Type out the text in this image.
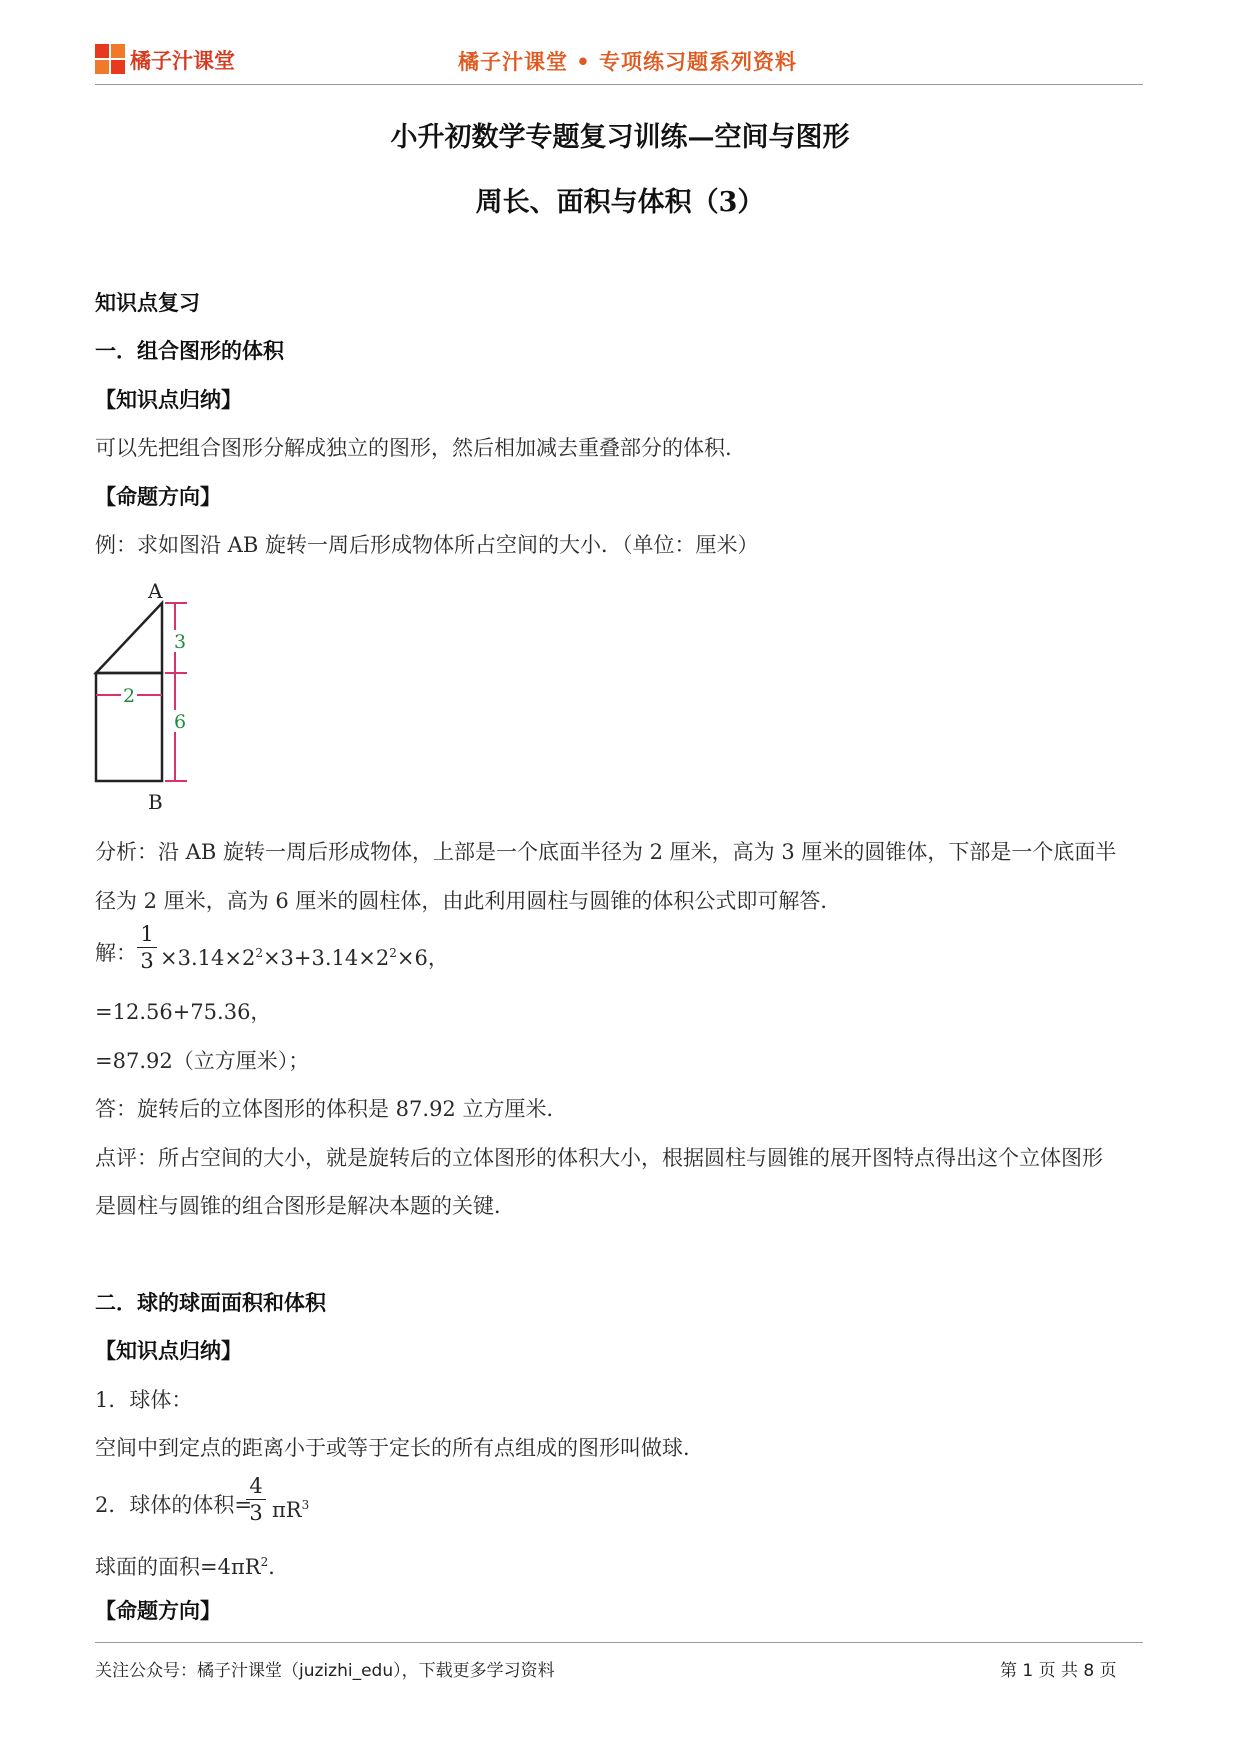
橘子汁课堂	橘子汁课堂 • 专项练习题系列资料
小升初数学专题复习训练—空间与图形
周长、面积与体积（3）
知识点复习
一．组合图形的体积
【知识点归纳】
可以先把组合图形分解成独立的图形，然后相加减去重叠部分的体积.
【命题方向】
例：求如图沿 AB 旋转一周后形成物体所占空间的大小．（单位：厘米）
A
3
6
2
B
分析：沿 AB 旋转一周后形成物体，上部是一个底面半径为 2 厘米，高为 3 厘米的圆锥体，下部是一个底面半
径为 2 厘米，高为 6 厘米的圆柱体，由此利用圆柱与圆锥的体积公式即可解答．
解：
1
$3 \times 3.14\times 2^2\times 3+3.14\times 2^2\times 6$，
=12.56+75.36，
=87.92（立方厘米）；
答：旋转后的立体图形的体积是 87.92 立方厘米．
点评：所占空间的大小，就是旋转后的立体图形的体积大小，根据圆柱与圆锥的展开图特点得出这个立体图形
是圆柱与圆锥的组合图形是解决本题的关键．
二．球的球面面积和体积
【知识点归纳】
1．球体：
空间中到定点的距离小于或等于定长的所有点组成的图形叫做球．
2．球体的体积=
4
3 $\pi R^3$
球面的面积$=4\pi R^2$．
【命题方向】
关注公众号：橘子汁课堂（juzizhi_edu），下载更多学习资料	第 1 页 共 8 页
